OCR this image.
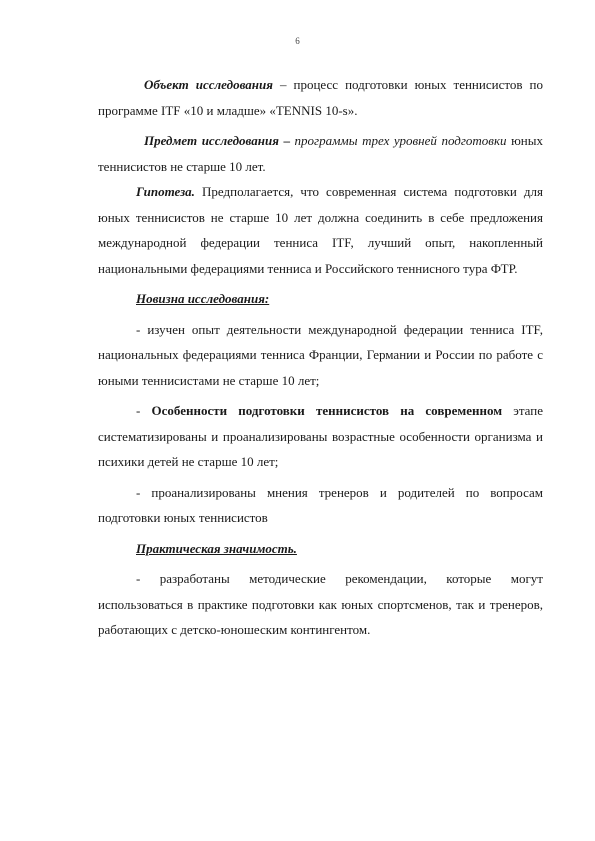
6

Объект исследования – процесс подготовки юных теннисистов по программе ITF «10 и младше» «TENNIS 10-s».

Предмет исследования – программы трех уровней подготовки юных теннисистов не старше 10 лет.

Гипотеза. Предполагается, что современная система подготовки для юных теннисистов не старше 10 лет должна соединить в себе предложения международной федерации тенниса ITF, лучший опыт, накопленный национальными федерациями тенниса и Российского теннисного тура ФТР.

Новизна исследования:

- изучен опыт деятельности международной федерации тенниса ITF, национальных федерациями тенниса Франции, Германии и России по работе с юными теннисистами не старше 10 лет;

- Особенности подготовки теннисистов на современном этапе систематизированы и проанализированы возрастные особенности организма и психики детей не старше 10 лет;

- проанализированы мнения тренеров и родителей по вопросам подготовки юных теннисистов

Практическая значимость.

- разработаны методические рекомендации, которые могут использоваться в практике подготовки как юных спортсменов, так и тренеров, работающих с детско-юношеским контингентом.
